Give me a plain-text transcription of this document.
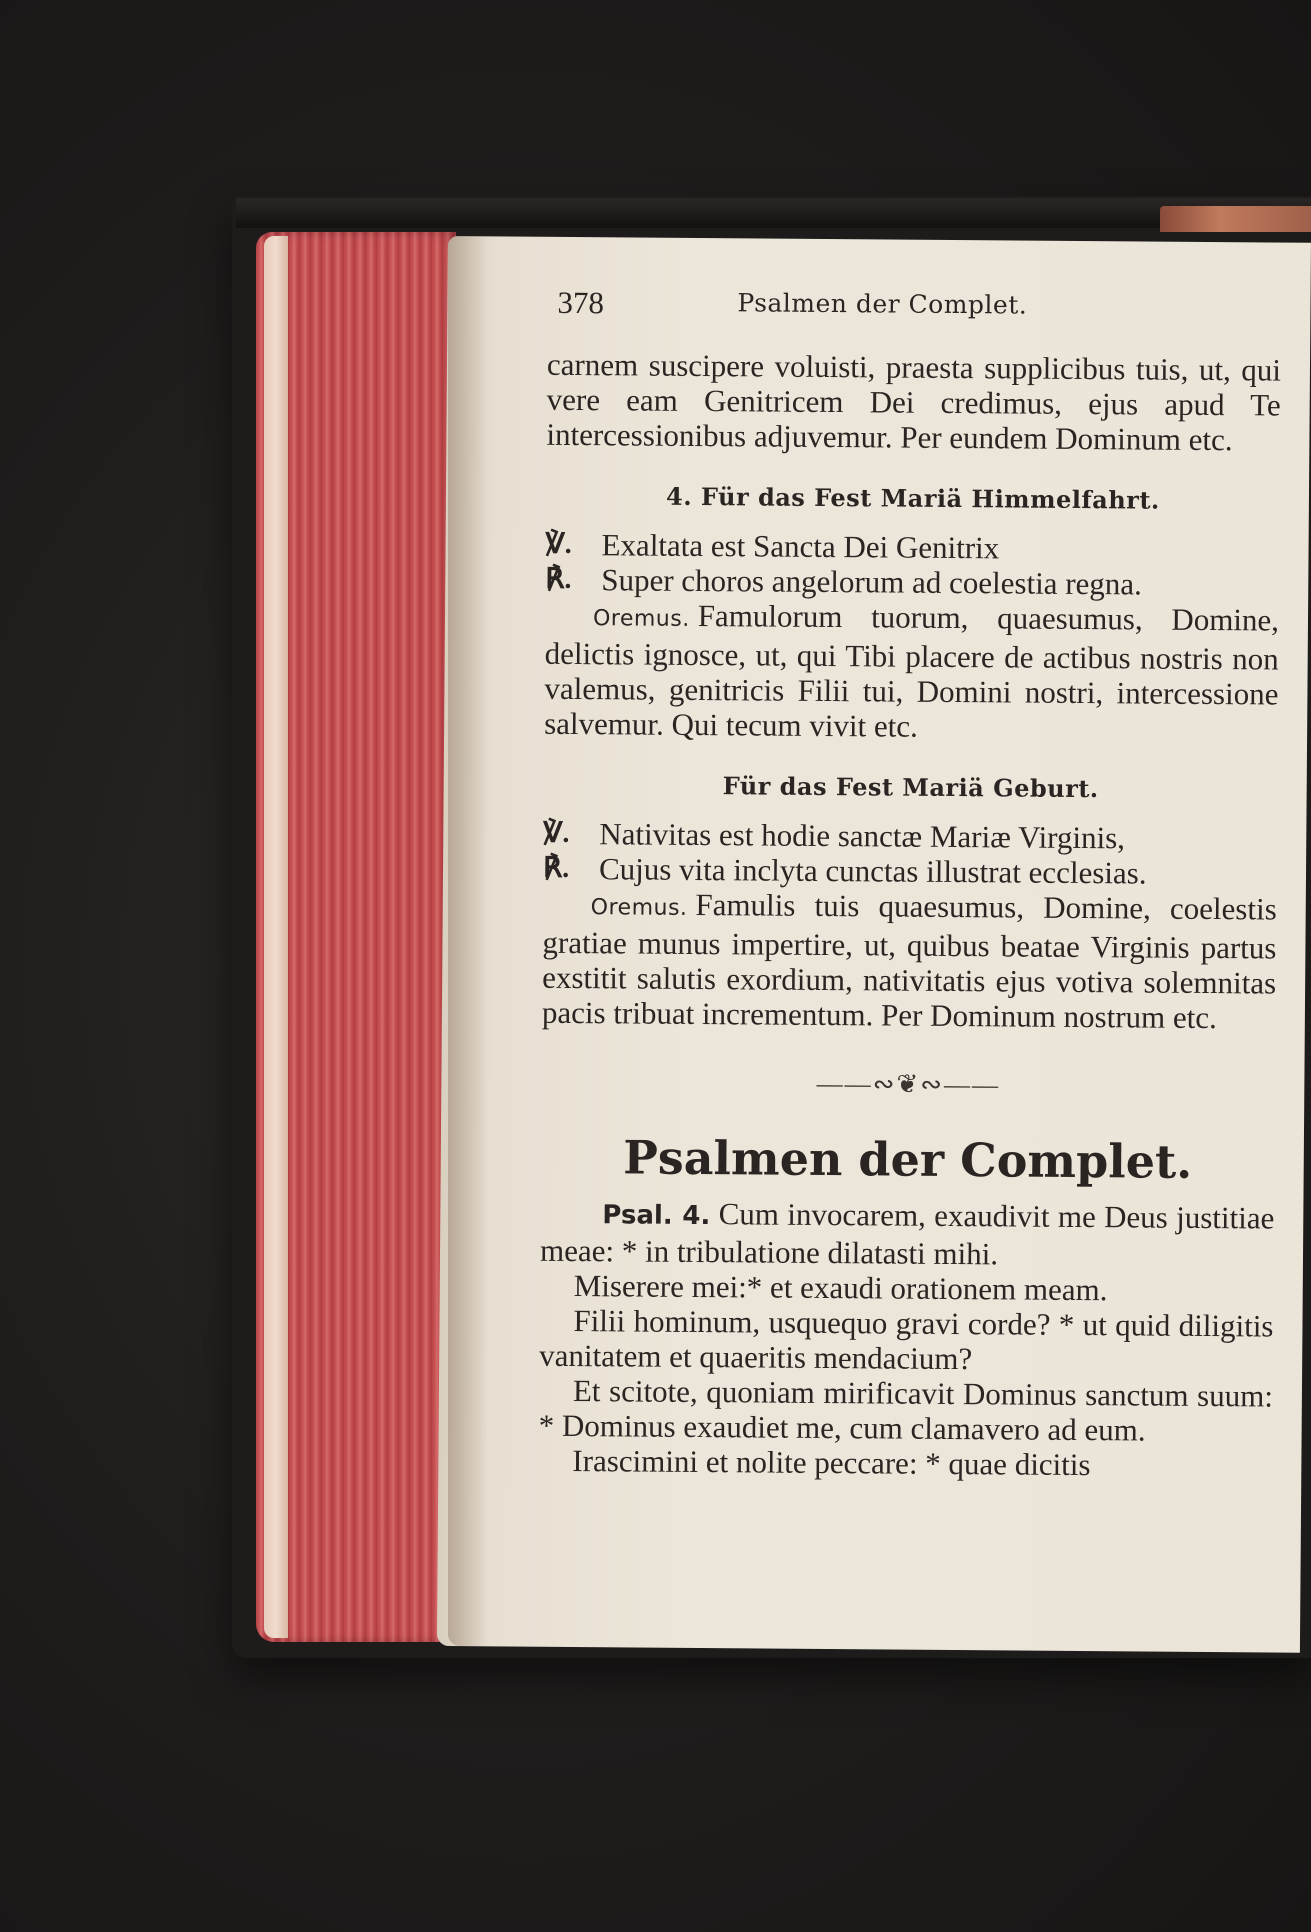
378	Psalmen der Complet.

carnem suscipere voluisti, praesta supplicibus tuis, ut, qui vere eam Genitricem Dei credimus, ejus apud Te intercessionibus adjuvemur. Per eundem Dominum etc.

4. Für das Fest Mariä Himmelfahrt.
℣. Exaltata est Sancta Dei Genitrix
℟. Super choros angelorum ad coelestia regna.

Oremus. Famulorum tuorum, quaesumus, Domine, delictis ignosce, ut, qui Tibi placere de actibus nostris non valemus, genitricis Filii tui, Domini nostri, intercessione salvemur. Qui tecum vivit etc.

Für das Fest Mariä Geburt.
℣. Nativitas est hodie sanctæ Mariæ Virginis,
℟. Cujus vita inclyta cunctas illustrat ecclesias.

Oremus. Famulis tuis quaesumus, Domine, coelestis gratiae munus impertire, ut, quibus beatae Virginis partus exstitit salutis exordium, nativitatis ejus votiva solemnitas pacis tribuat incrementum. Per Dominum nostrum etc.

——∾❦∾——
Psalmen der Complet.

Psal. 4. Cum invocarem, exaudivit me Deus justitiae meae: * in tribulatione dilatasti mihi.

Miserere mei:* et exaudi orationem meam.

Filii hominum, usquequo gravi corde? * ut quid diligitis vanitatem et quaeritis mendacium?

Et scitote, quoniam mirificavit Dominus sanctum suum: * Dominus exaudiet me, cum clamavero ad eum.

Irascimini et nolite peccare: * quae dicitis
